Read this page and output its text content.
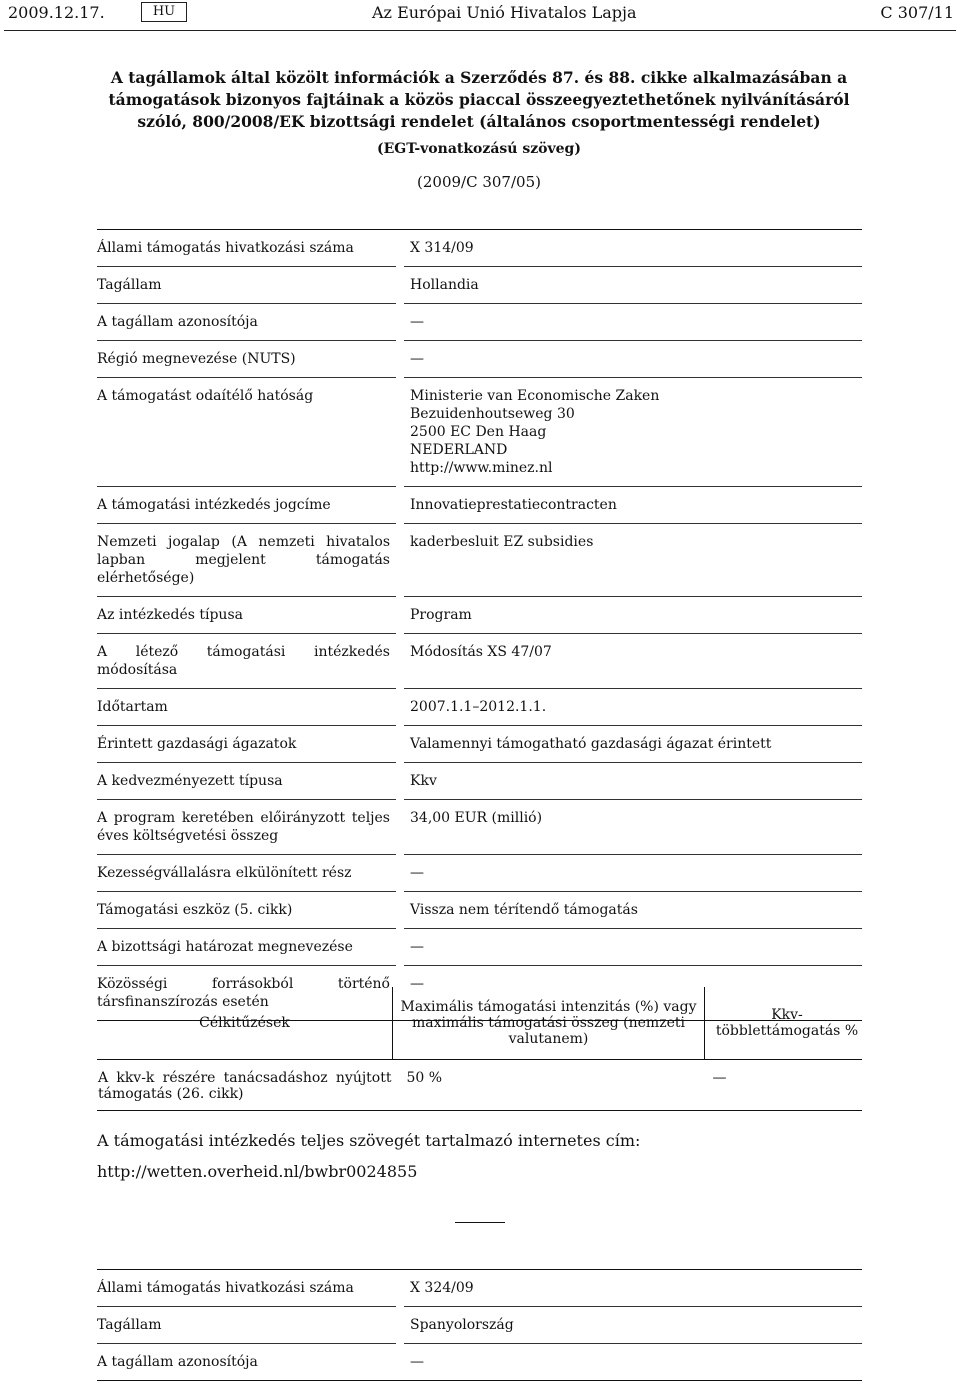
2009.12.17.	HU	Az Európai Unió Hivatalos Lapja	C 307/11
A tagállamok által közölt információk a Szerződés 87. és 88. cikke alkalmazásában a támogatások bizonyos fajtáinak a közös piaccal összeegyeztethetőnek nyilvánításáról szóló, 800/2008/EK bizottsági rendelet (általános csoportmentességi rendelet)
(EGT-vonatkozású szöveg)
(2009/C 307/05)
Állami támogatás hivatkozási száma		X 314/09
Tagállam		Hollandia
A tagállam azonosítója		—
Régió megnevezése (NUTS)		—
A támogatást odaítélő hatóság		Ministerie van Economische Zaken
Bezuidenhoutseweg 30
2500 EC Den Haag
NEDERLAND
http://www.minez.nl
A támogatási intézkedés jogcíme		Innovatieprestatiecontracten
Nemzeti jogalap (A nemzeti hivatalos lapban megjelent támogatás elérhetősége)		kaderbesluit EZ subsidies
Az intézkedés típusa		Program
A létező támogatási intézkedés módosítása		Módosítás XS 47/07
Időtartam		2007.1.1–2012.1.1.
Érintett gazdasági ágazatok		Valamennyi támogatható gazdasági ágazat érintett
A kedvezményezett típusa		Kkv
A program keretében előirányzott teljes éves költségvetési összeg		34,00 EUR (millió)
Kezességvállalásra elkülönített rész		—
Támogatási eszköz (5. cikk)		Vissza nem térítendő támogatás
A bizottsági határozat megnevezése		—
Közösségi forrásokból történő társfinanszírozás esetén		—
Célkitűzések	Maximális támogatási intenzitás (%) vagy maximális támogatási összeg (nemzeti valutanem)	Kkv-többlettámogatás %
A kkv-k részére tanácsadáshoz nyújtott támogatás (26. cikk)	50 %	—
A támogatási intézkedés teljes szövegét tartalmazó internetes cím:
http://wetten.overheid.nl/bwbr0024855
Állami támogatás hivatkozási száma		X 324/09
Tagállam		Spanyolország
A tagállam azonosítója		—
